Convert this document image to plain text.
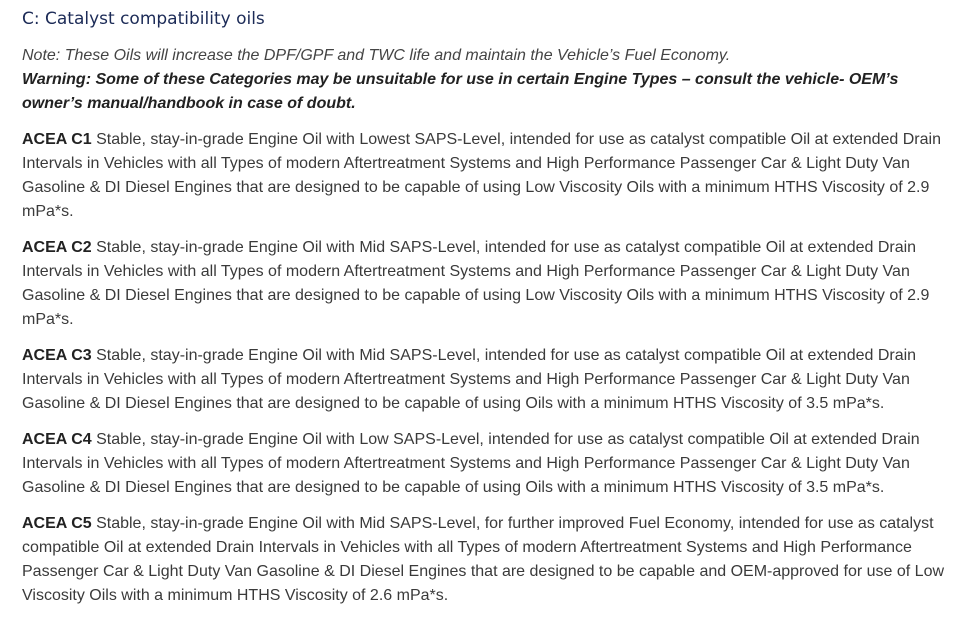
C: Catalyst compatibility oils

Note: These Oils will increase the DPF/GPF and TWC life and maintain the Vehicle’s Fuel Economy.

Warning: Some of these Categories may be unsuitable for use in certain Engine Types – consult the vehicle- OEM’s owner’s manual/handbook in case of doubt.

ACEA C1 Stable, stay-in-grade Engine Oil with Lowest SAPS-Level, intended for use as catalyst compatible Oil at extended Drain Intervals in Vehicles with all Types of modern Aftertreatment Systems and High Performance Passenger Car & Light Duty Van Gasoline & DI Diesel Engines that are designed to be capable of using Low Viscosity Oils with a minimum HTHS Viscosity of 2.9 mPa*s.

ACEA C2 Stable, stay-in-grade Engine Oil with Mid SAPS-Level, intended for use as catalyst compatible Oil at extended Drain Intervals in Vehicles with all Types of modern Aftertreatment Systems and High Performance Passenger Car & Light Duty Van Gasoline & DI Diesel Engines that are designed to be capable of using Low Viscosity Oils with a minimum HTHS Viscosity of 2.9 mPa*s.

ACEA C3 Stable, stay-in-grade Engine Oil with Mid SAPS-Level, intended for use as catalyst compatible Oil at extended Drain Intervals in Vehicles with all Types of modern Aftertreatment Systems and High Performance Passenger Car & Light Duty Van Gasoline & DI Diesel Engines that are designed to be capable of using Oils with a minimum HTHS Viscosity of 3.5 mPa*s.

ACEA C4 Stable, stay-in-grade Engine Oil with Low SAPS-Level, intended for use as catalyst compatible Oil at extended Drain Intervals in Vehicles with all Types of modern Aftertreatment Systems and High Performance Passenger Car & Light Duty Van Gasoline & DI Diesel Engines that are designed to be capable of using Oils with a minimum HTHS Viscosity of 3.5 mPa*s.

ACEA C5 Stable, stay-in-grade Engine Oil with Mid SAPS-Level, for further improved Fuel Economy, intended for use as catalyst compatible Oil at extended Drain Intervals in Vehicles with all Types of modern Aftertreatment Systems and High Performance Passenger Car & Light Duty Van Gasoline & DI Diesel Engines that are designed to be capable and OEM-approved for use of Low Viscosity Oils with a minimum HTHS Viscosity of 2.6 mPa*s.
